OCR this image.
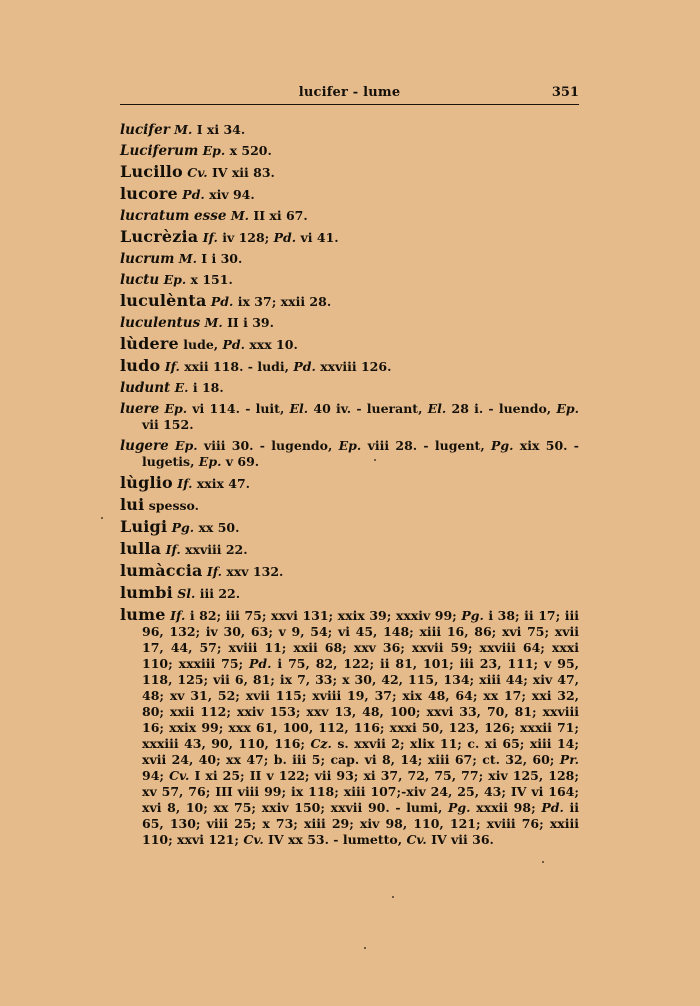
lucifer - lume	351
lucifer M. I xi 34.
Luciferum Ep. x 520.
Lucillo Cv. IV xii 83.
lucore Pd. xiv 94.
lucratum esse M. II xi 67.
Lucrèzia If. iv 128; Pd. vi 41.
lucrum M. I i 30.
luctu Ep. x 151.
luculènta Pd. ix 37; xxii 28.
luculentus M. II i 39.
lùdere lude, Pd. xxx 10.
ludo If. xxii 118. - ludi, Pd. xxviii 126.
ludunt E. i 18.
luere Ep. vi 114. - luit, El. 40 iv. - luerant, El. 28 i. - luendo, Ep. vii 152.
lugere Ep. viii 30. - lugendo, Ep. viii 28. - lugent, Pg. xix 50. - lugetis, Ep. v 69.
lùglio If. xxix 47.
lui spesso.
Luigi Pg. xx 50.
lulla If. xxviii 22.
lumàccia If. xxv 132.
lumbi Sl. iii 22.
lume If. i 82; iii 75; xxvi 131; xxix 39; xxxiv 99; Pg. i 38; ii 17; iii 96, 132; iv 30, 63; v 9, 54; vi 45, 148; xiii 16, 86; xvi 75; xvii 17, 44, 57; xviii 11; xxii 68; xxv 36; xxvii 59; xxviii 64; xxxi 110; xxxiii 75; Pd. i 75, 82, 122; ii 81, 101; iii 23, 111; v 95, 118, 125; vii 6, 81; ix 7, 33; x 30, 42, 115, 134; xiii 44; xiv 47, 48; xv 31, 52; xvii 115; xviii 19, 37; xix 48, 64; xx 17; xxi 32, 80; xxii 112; xxiv 153; xxv 13, 48, 100; xxvi 33, 70, 81; xxviii 16; xxix 99; xxx 61, 100, 112, 116; xxxi 50, 123, 126; xxxii 71; xxxiii 43, 90, 110, 116; Cz. s. xxvii 2; xlix 11; c. xi 65; xiii 14; xvii 24, 40; xx 47; b. iii 5; cap. vi 8, 14; xiii 67; ct. 32, 60; Pr. 94; Cv. I xi 25; II v 122; vii 93; xi 37, 72, 75, 77; xiv 125, 128; xv 57, 76; III viii 99; ix 118; xiii 107;-xiv 24, 25, 43; IV vi 164; xvi 8, 10; xx 75; xxiv 150; xxvii 90. - lumi, Pg. xxxii 98; Pd. ii 65, 130; viii 25; x 73; xiii 29; xiv 98, 110, 121; xviii 76; xxiii 110; xxvi 121; Cv. IV xx 53. - lumetto, Cv. IV vii 36.
